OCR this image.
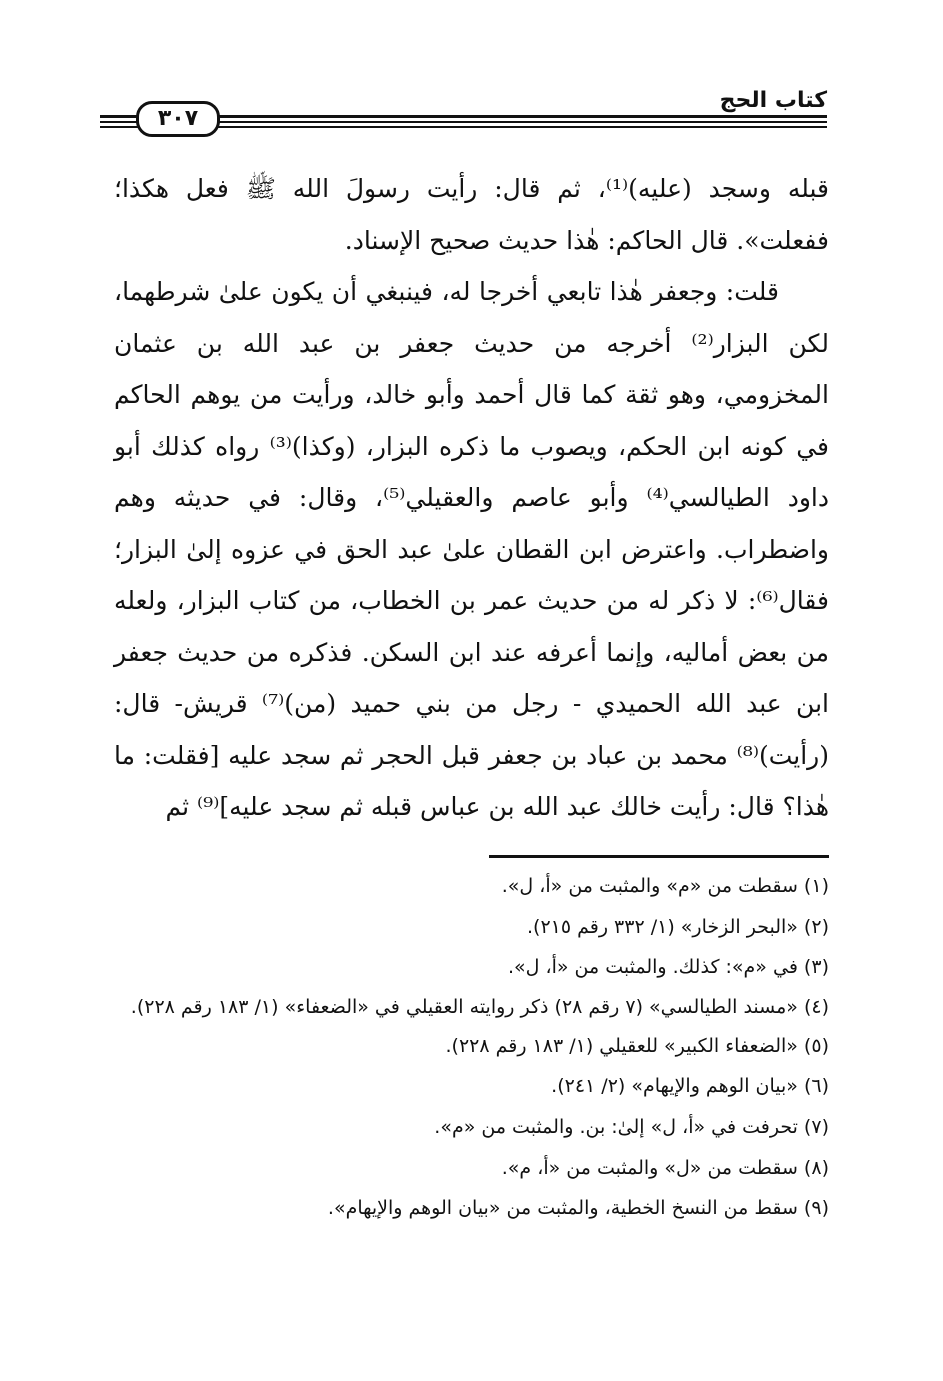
كتاب الحج
٣٠٧

قبله وسجد (عليه)⁽¹⁾، ثم قال: رأيت رسولَ الله ﷺ فعل هكذا؛ ففعلت». قال الحاكم: هٰذا حديث صحيح الإسناد.

قلت: وجعفر هٰذا تابعي أخرجا له، فينبغي أن يكون علىٰ شرطهما، لكن البزار⁽²⁾ أخرجه من حديث جعفر بن عبد الله بن عثمان المخزومي، وهو ثقة كما قال أحمد وأبو خالد، ورأيت من يوهم الحاكم في كونه ابن الحكم، ويصوب ما ذكره البزار، (وكذا)⁽³⁾ رواه كذلك أبو داود الطيالسي⁽⁴⁾ وأبو عاصم والعقيلي⁽⁵⁾، وقال: في حديثه وهم واضطراب. واعترض ابن القطان علىٰ عبد الحق في عزوه إلىٰ البزار؛ فقال⁽⁶⁾: لا ذكر له من حديث عمر بن الخطاب، من كتاب البزار، ولعله من بعض أماليه، وإنما أعرفه عند ابن السكن. فذكره من حديث جعفر ابن عبد الله الحميدي - رجل من بني حميد (من)⁽⁷⁾ قريش- قال: (رأيت)⁽⁸⁾ محمد بن عباد بن جعفر قبل الحجر ثم سجد عليه [فقلت: ما هٰذا؟ قال: رأيت خالك عبد الله بن عباس قبله ثم سجد عليه]⁽⁹⁾ ثم

(١) سقطت من «م» والمثبت من «أ، ل».

(٢) «البحر الزخار» (١/ ٣٣٢ رقم ٢١٥).

(٣) في «م»: كذلك. والمثبت من «أ، ل».

(٤) «مسند الطيالسي» (٧ رقم ٢٨) ذكر روايته العقيلي في «الضعفاء» (١/ ١٨٣ رقم ٢٢٨).

(٥) «الضعفاء الكبير» للعقيلي (١/ ١٨٣ رقم ٢٢٨).

(٦) «بيان الوهم والإيهام» (٢/ ٢٤١).

(٧) تحرفت في «أ، ل» إلىٰ: بن. والمثبت من «م».

(٨) سقطت من «ل» والمثبت من «أ، م».

(٩) سقط من النسخ الخطية، والمثبت من «بيان الوهم والإيهام».
